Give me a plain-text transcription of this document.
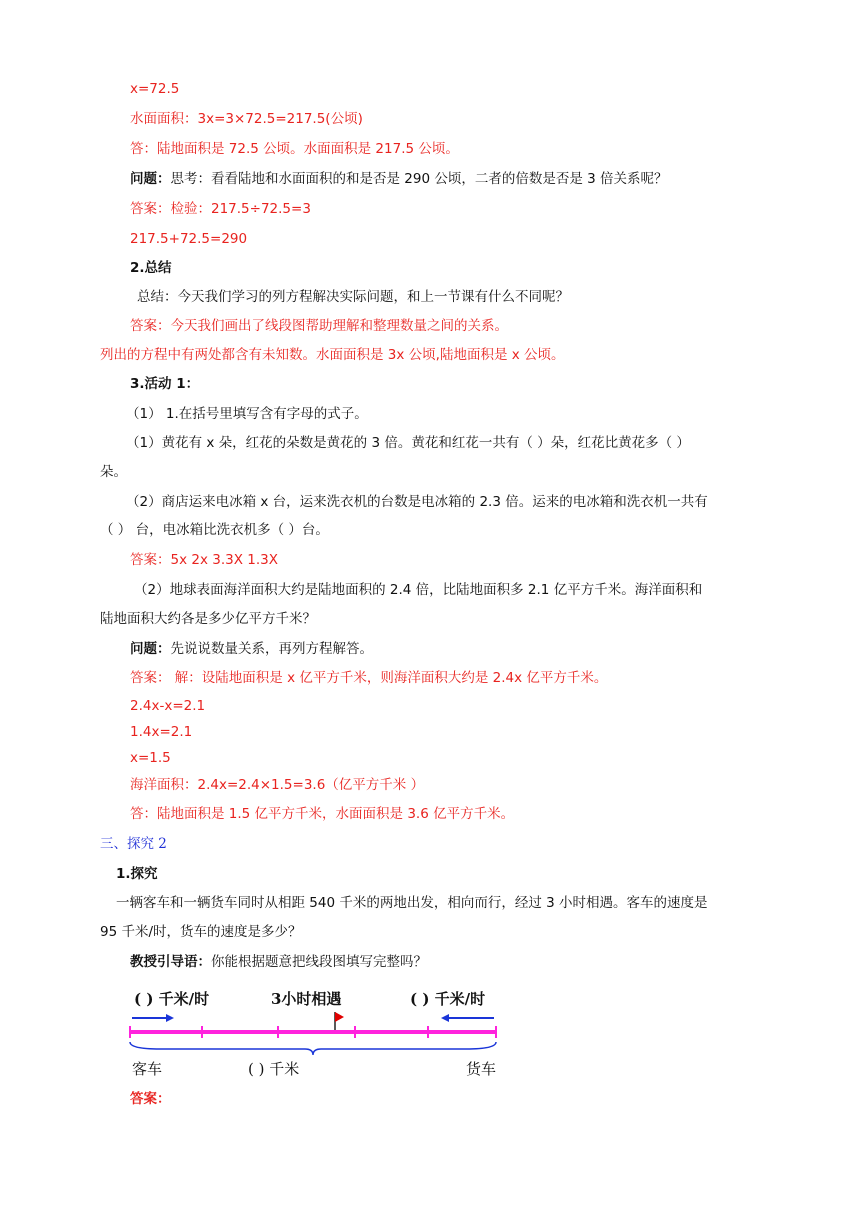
x=72.5
水面面积：3x=3×72.5=217.5(公顷)
答：陆地面积是 72.5 公顷。水面面积是 217.5 公顷。
问题：思考：看看陆地和水面面积的和是否是 290 公顷，二者的倍数是否是 3 倍关系呢？
答案：检验：217.5÷72.5=3
217.5+72.5=290
2.总结
总结：今天我们学习的列方程解决实际问题，和上一节课有什么不同呢？
答案：今天我们画出了线段图帮助理解和整理数量之间的关系。
列出的方程中有两处都含有未知数。水面面积是 3x 公顷,陆地面积是 x 公顷。
3.活动 1：
（1） 1.在括号里填写含有字母的式子。
（1）黄花有 x 朵，红花的朵数是黄花的 3 倍。黄花和红花一共有（ ）朵，红花比黄花多（ ）
朵。
（2）商店运来电冰箱 x 台，运来洗衣机的台数是电冰箱的 2.3 倍。运来的电冰箱和洗衣机一共有
（ ） 台，电冰箱比洗衣机多（ ）台。
答案：5x 2x 3.3X 1.3X
（2）地球表面海洋面积大约是陆地面积的 2.4 倍，比陆地面积多 2.1 亿平方千米。海洋面积和
陆地面积大约各是多少亿平方千米？
问题：先说说数量关系，再列方程解答。
答案： 解：设陆地面积是 x 亿平方千米，则海洋面积大约是 2.4x 亿平方千米。
2.4x-x=2.1
1.4x=2.1
x=1.5
海洋面积：2.4x=2.4×1.5=3.6（亿平方千米 ）
答：陆地面积是 1.5 亿平方千米，水面面积是 3.6 亿平方千米。
三、探究 2
1.探究
一辆客车和一辆货车同时从相距 540 千米的两地出发，相向而行，经过 3 小时相遇。客车的速度是
95 千米/时，货车的速度是多少？
教授引导语：你能根据题意把线段图填写完整吗？
( ) 千米/时	3小时相遇	( ) 千米/时
客车	( ) 千米	货车
答案：
